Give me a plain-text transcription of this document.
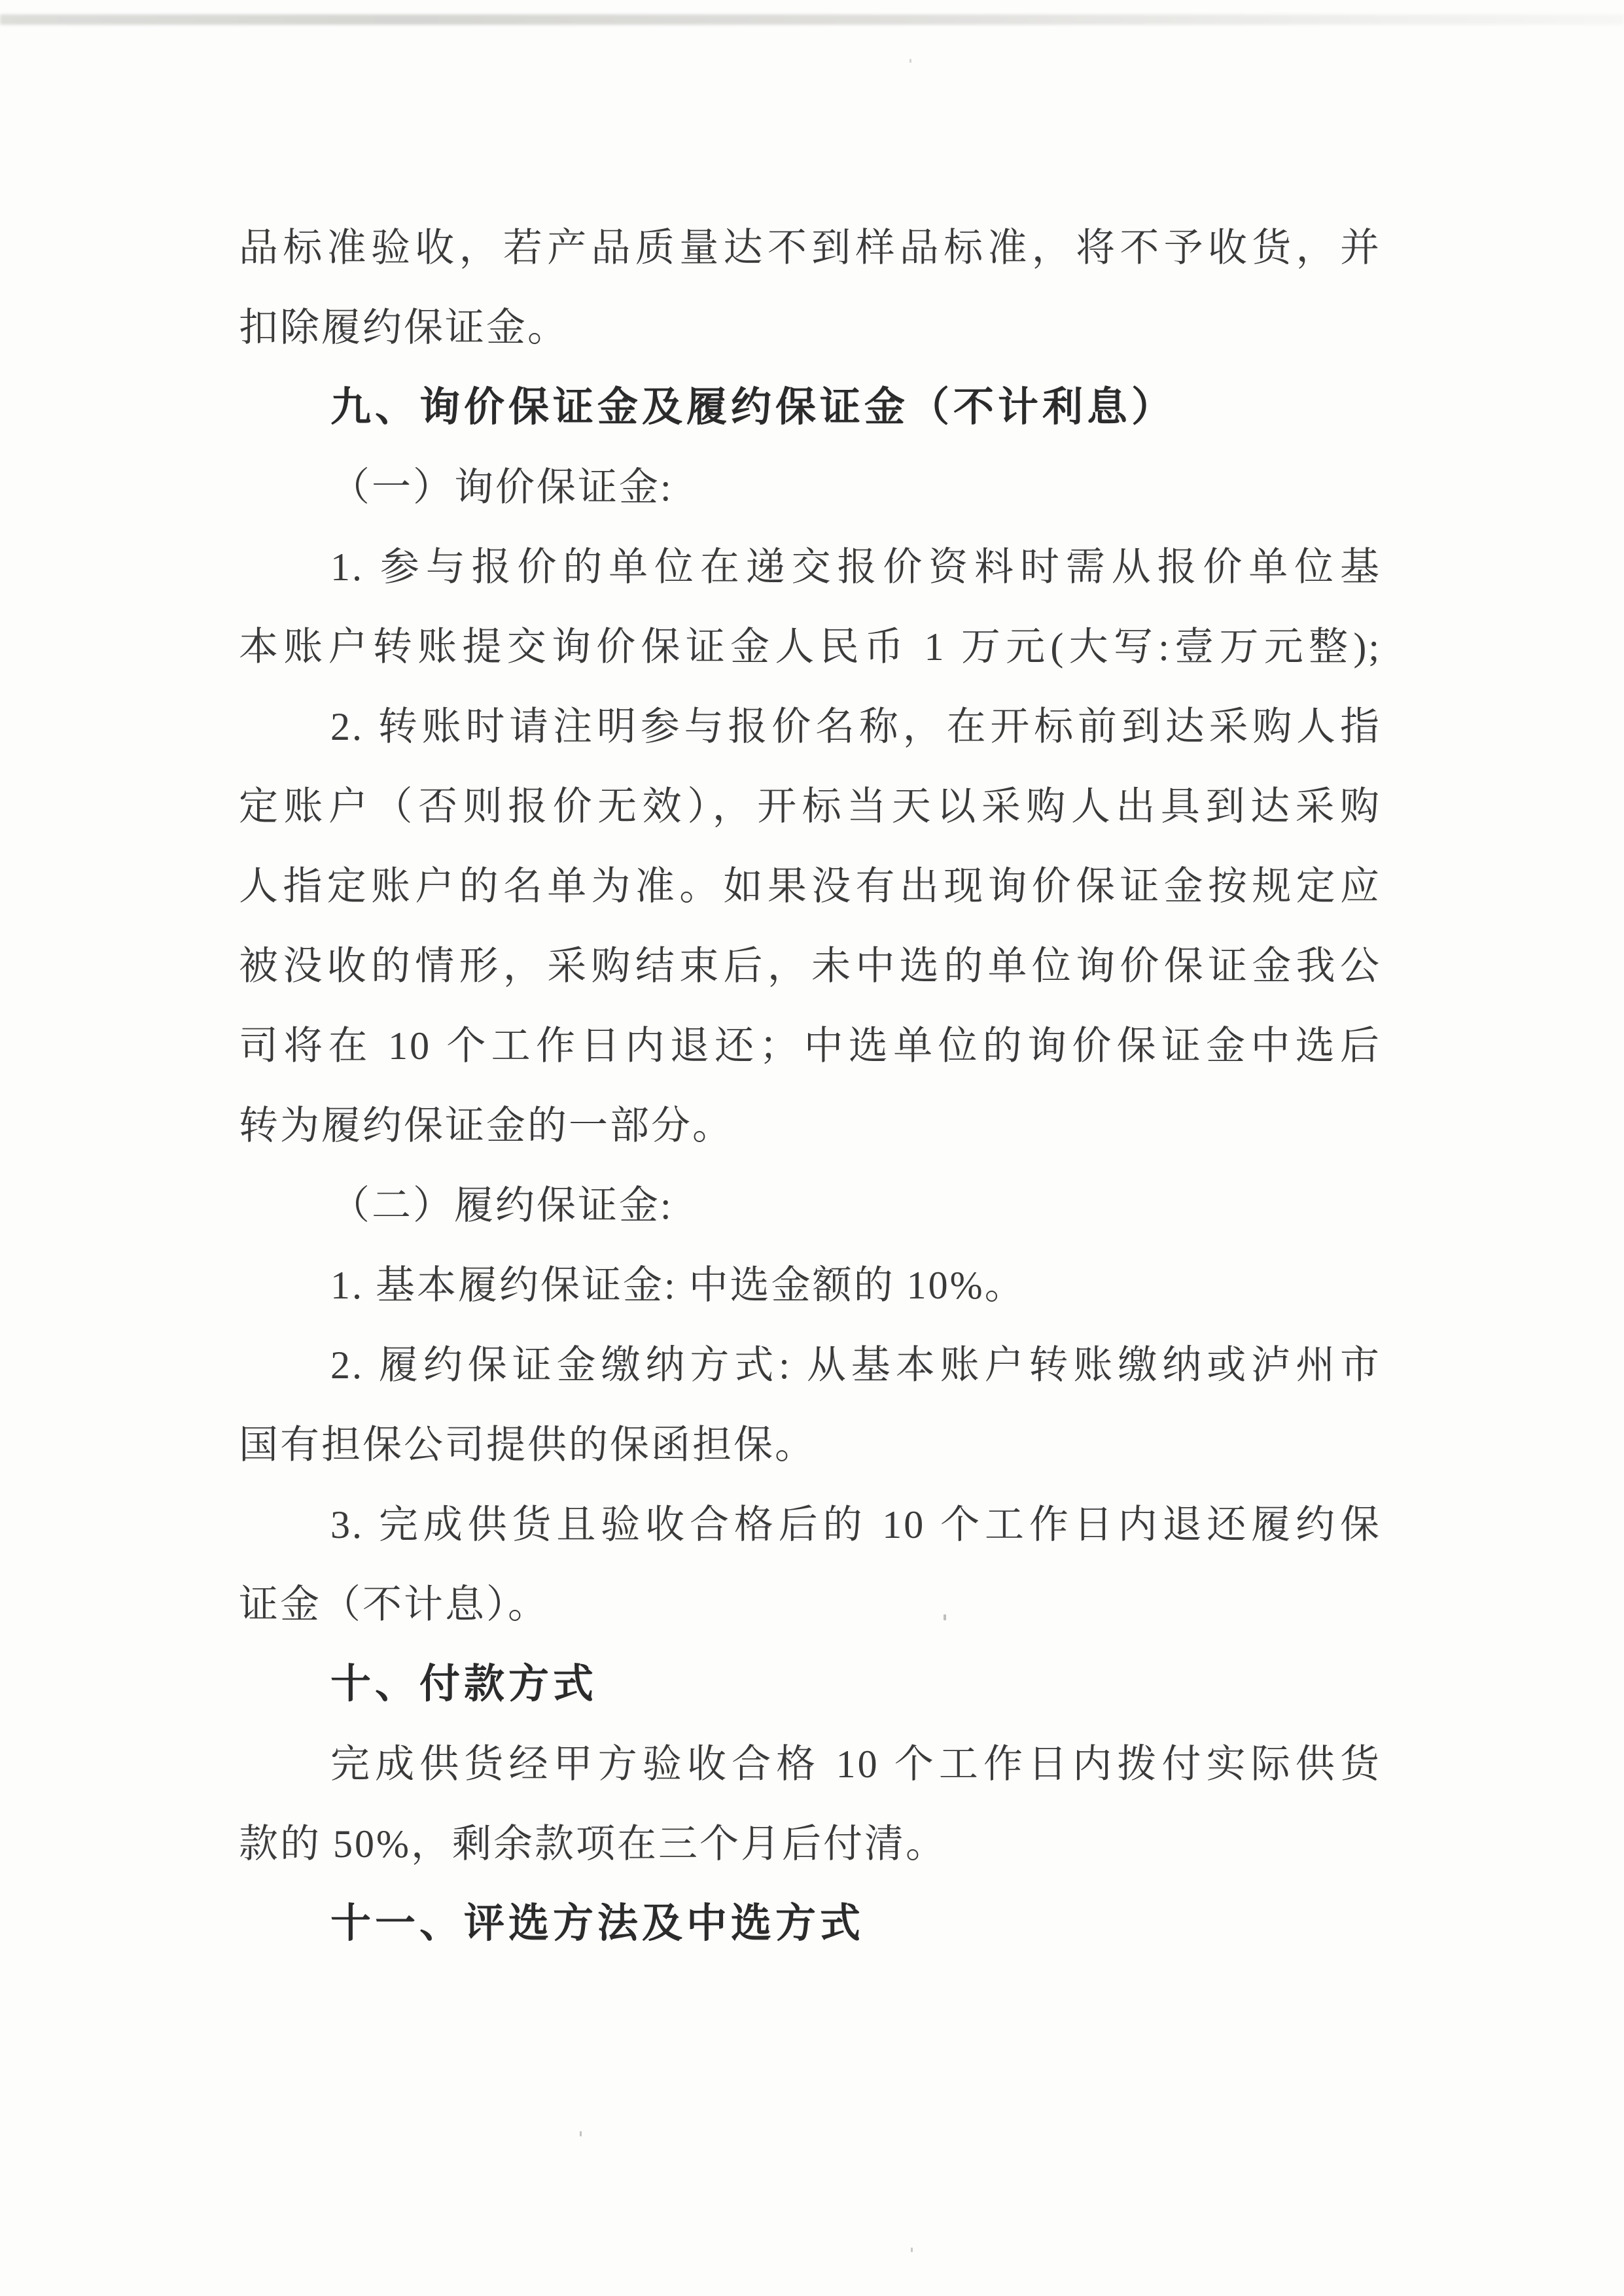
品标准验收，若产品质量达不到样品标准，将不予收货，并
扣除履约保证金。
九、询价保证金及履约保证金（不计利息）
（一）询价保证金:
1. 参与报价的单位在递交报价资料时需从报价单位基
本账户转账提交询价保证金人民币 1 万元(大写:壹万元整);
2. 转账时请注明参与报价名称，在开标前到达采购人指
定账户（否则报价无效），开标当天以采购人出具到达采购
人指定账户的名单为准。如果没有出现询价保证金按规定应
被没收的情形，采购结束后，未中选的单位询价保证金我公
司将在 10 个工作日内退还；中选单位的询价保证金中选后
转为履约保证金的一部分。
（二）履约保证金:
1. 基本履约保证金: 中选金额的 10%。
2. 履约保证金缴纳方式: 从基本账户转账缴纳或泸州市
国有担保公司提供的保函担保。
3. 完成供货且验收合格后的 10 个工作日内退还履约保
证金（不计息）。
十、付款方式
完成供货经甲方验收合格 10 个工作日内拨付实际供货
款的 50%，剩余款项在三个月后付清。
十一、评选方法及中选方式
